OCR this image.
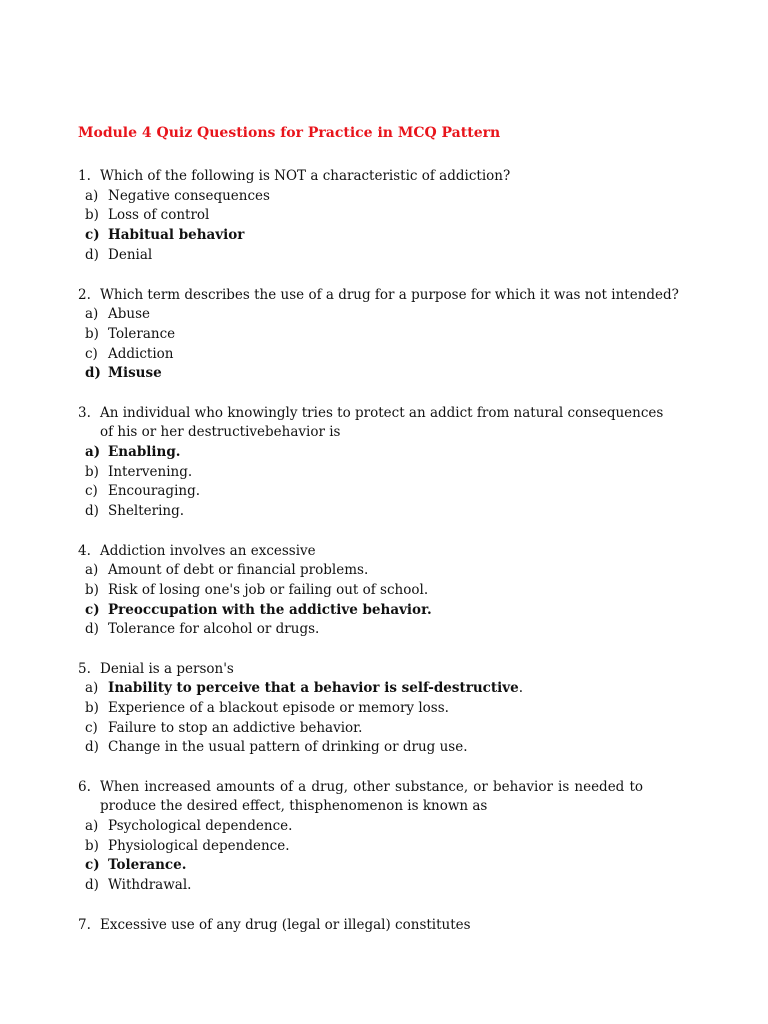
Module 4 Quiz Questions for Practice in MCQ Pattern
1. Which of the following is NOT a characteristic of addiction?
a) Negative consequences
b) Loss of control
c) Habitual behavior
d) Denial
2. Which term describes the use of a drug for a purpose for which it was not intended?
a) Abuse
b) Tolerance
c) Addiction
d) Misuse
3. An individual who knowingly tries to protect an addict from natural consequences
of his or her destructivebehavior is
a) Enabling.
b) Intervening.
c) Encouraging.
d) Sheltering.
4. Addiction involves an excessive
a) Amount of debt or financial problems.
b) Risk of losing one's job or failing out of school.
c) Preoccupation with the addictive behavior.
d) Tolerance for alcohol or drugs.
5. Denial is a person's
a) Inability to perceive that a behavior is self-destructive.
b) Experience of a blackout episode or memory loss.
c) Failure to stop an addictive behavior.
d) Change in the usual pattern of drinking or drug use.
6. When increased amounts of a drug, other substance, or behavior is needed to
produce the desired effect, thisphenomenon is known as
a) Psychological dependence.
b) Physiological dependence.
c) Tolerance.
d) Withdrawal.
7. Excessive use of any drug (legal or illegal) constitutes
